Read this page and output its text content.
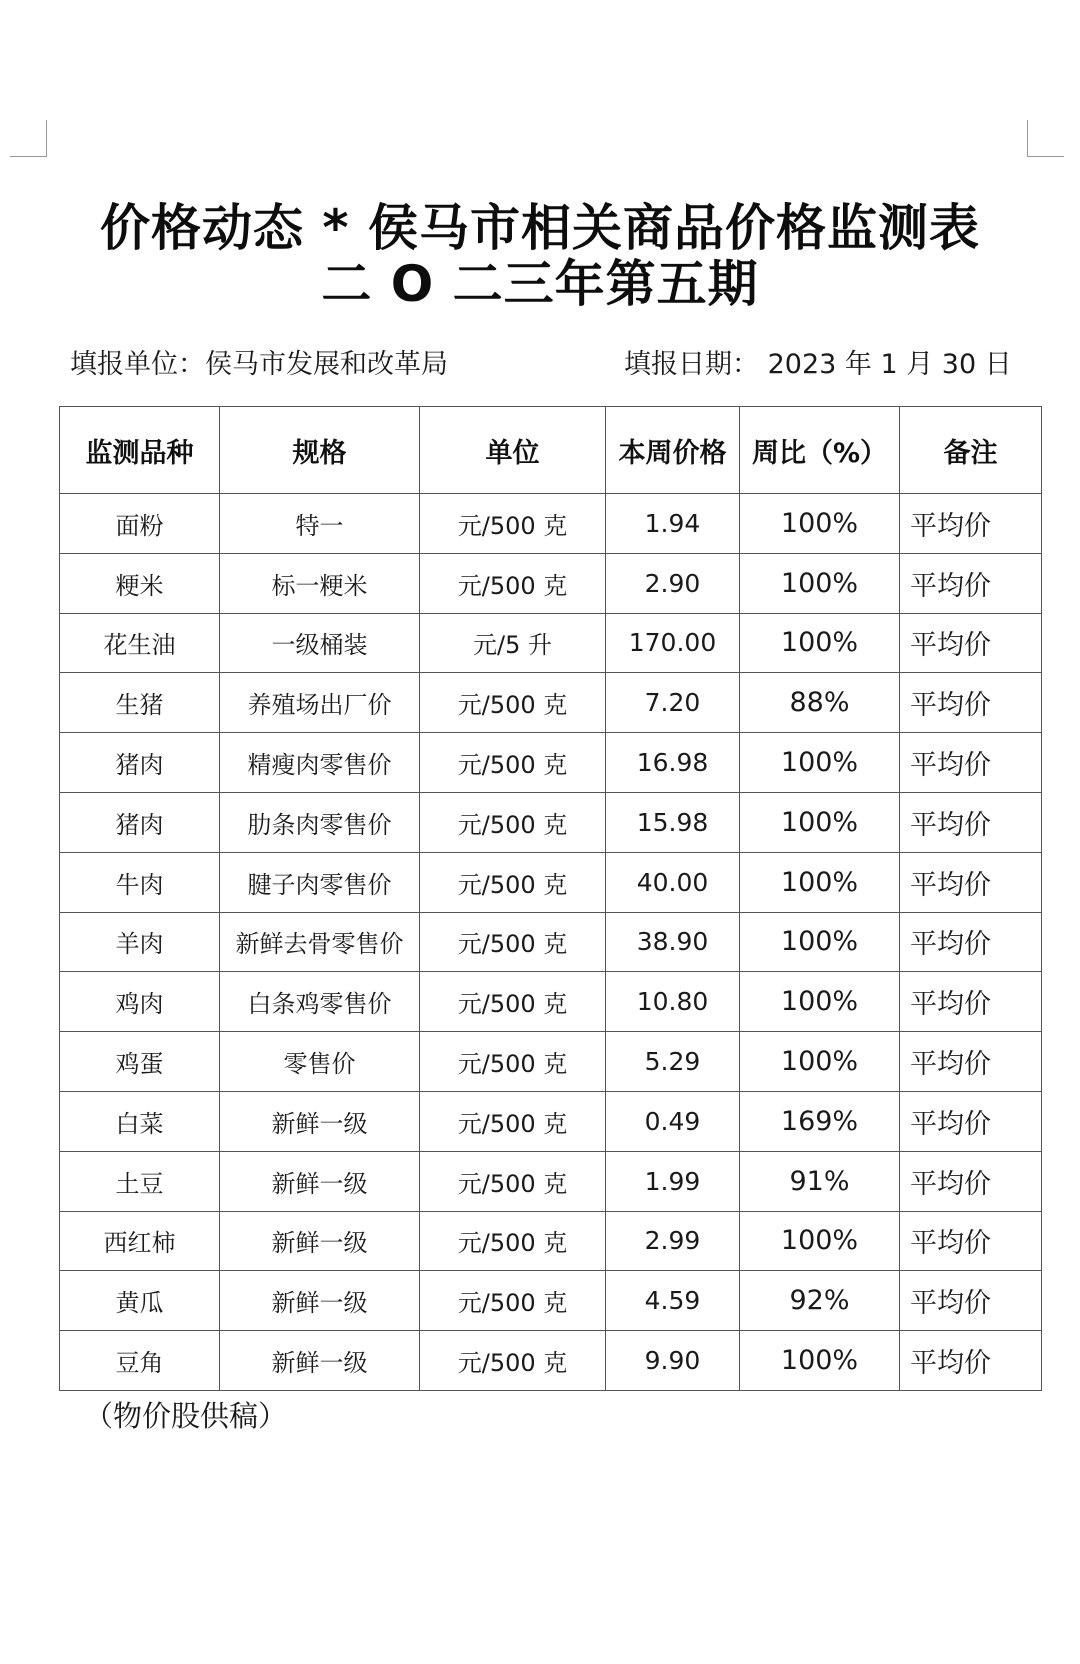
价格动态 * 侯马市相关商品价格监测表
二 O 二三年第五期
填报单位：侯马市发展和改革局	填报日期： 2023 年 1 月 30 日
监测品种	规格	单位	本周价格	周比（%）	备注
面粉	特一	元/500 克	1.94	100%	平均价
粳米	标一粳米	元/500 克	2.90	100%	平均价
花生油	一级桶装	元/5 升	170.00	100%	平均价
生猪	养殖场出厂价	元/500 克	7.20	88%	平均价
猪肉	精瘦肉零售价	元/500 克	16.98	100%	平均价
猪肉	肋条肉零售价	元/500 克	15.98	100%	平均价
牛肉	腱子肉零售价	元/500 克	40.00	100%	平均价
羊肉	新鲜去骨零售价	元/500 克	38.90	100%	平均价
鸡肉	白条鸡零售价	元/500 克	10.80	100%	平均价
鸡蛋	零售价	元/500 克	5.29	100%	平均价
白菜	新鲜一级	元/500 克	0.49	169%	平均价
土豆	新鲜一级	元/500 克	1.99	91%	平均价
西红柿	新鲜一级	元/500 克	2.99	100%	平均价
黄瓜	新鲜一级	元/500 克	4.59	92%	平均价
豆角	新鲜一级	元/500 克	9.90	100%	平均价
（物价股供稿）
